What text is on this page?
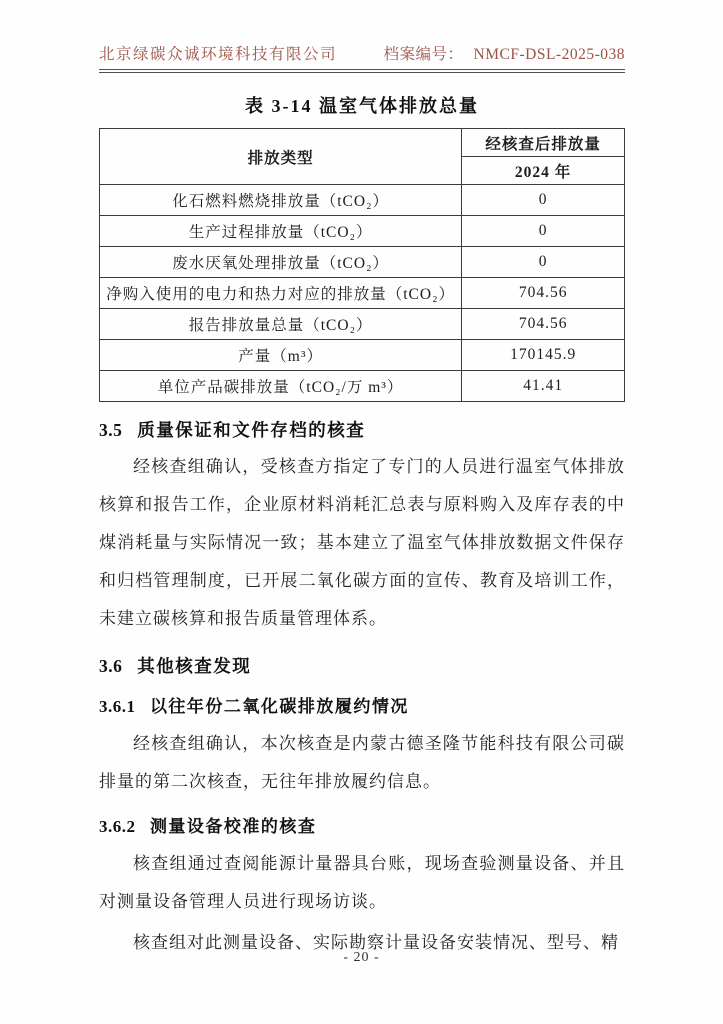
北京绿碳众诚环境科技有限公司	档案编号： NMCF-DSL-2025-038
表 3-14 温室气体排放总量
排放类型	经核查后排放量
	2024 年
化石燃料燃烧排放量（tCO₂）	0
生产过程排放量（tCO₂）	0
废水厌氧处理排放量（tCO₂）	0
净购入使用的电力和热力对应的排放量（tCO₂）	704.56
报告排放量总量（tCO₂）	704.56
产量（m³）	170145.9
单位产品碳排放量（tCO₂/万 m³）	41.41
3.5 质量保证和文件存档的核查

经核查组确认，受核查方指定了专门的人员进行温室气体排放核算和报告工作，企业原材料消耗汇总表与原料购入及库存表的中煤消耗量与实际情况一致；基本建立了温室气体排放数据文件保存和归档管理制度，已开展二氧化碳方面的宣传、教育及培训工作，未建立碳核算和报告质量管理体系。

3.6 其他核查发现
3.6.1 以往年份二氧化碳排放履约情况

经核查组确认，本次核查是内蒙古德圣隆节能科技有限公司碳排量的第二次核查，无往年排放履约信息。

3.6.2 测量设备校准的核查

核查组通过查阅能源计量器具台账，现场查验测量设备、并且对测量设备管理人员进行现场访谈。

核查组对此测量设备、实际勘察计量设备安装情况、型号、精

- 20 -
